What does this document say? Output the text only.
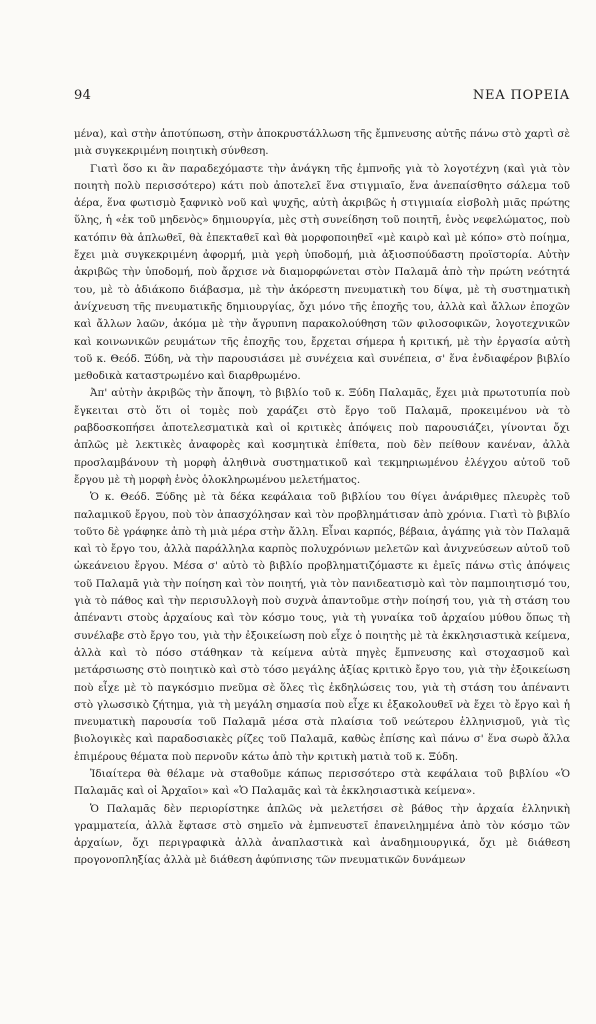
94	ΝΕΑ ΠΟΡΕΙΑ

μένα), καὶ στὴν ἀποτύπωση, στὴν ἀποκρυστάλλωση τῆς ἔμπνευσης αὐτῆς πάνω στὸ χαρτὶ σὲ μιὰ συγκεκριμένη ποιητικὴ σύνθεση.

Γιατὶ ὅσο κι ἂν παραδεχόμαστε τὴν ἀνάγκη τῆς ἐμπνοῆς γιὰ τὸ λογοτέχνη (καὶ γιὰ τὸν ποιητὴ πολὺ περισσότερο) κάτι ποὺ ἀποτελεῖ ἕνα στιγμιαῖο, ἕνα ἀνεπαίσθητο σάλεμα τοῦ ἀέρα, ἕνα φωτισμὸ ξαφνικὸ νοῦ καὶ ψυχῆς, αὐτὴ ἀκριβῶς ἡ στιγμιαία εἰσβολὴ μιᾶς πρώτης ὕλης, ἡ «ἐκ τοῦ μηδενὸς» δημιουργία, μὲς στὴ συνείδηση τοῦ ποιητῆ, ἑνὸς νεφελώματος, ποὺ κατόπιν θὰ ἁπλωθεῖ, θὰ ἐπεκταθεῖ καὶ θὰ μορφοποιηθεῖ «μὲ καιρὸ καὶ μὲ κόπο» στὸ ποίημα, ἔχει μιὰ συγκεκριμένη ἀφορμή, μιὰ γερὴ ὑποδομή, μιὰ ἀξιοσπούδαστη προϊστορία. Αὐτὴν ἀκριβῶς τὴν ὑποδομή, ποὺ ἄρχισε νὰ διαμορφώνεται στὸν Παλαμᾶ ἀπὸ τὴν πρώτη νεότητά του, μὲ τὸ ἀδιάκοπο διάβασμα, μὲ τὴν ἀκόρεστη πνευματικὴ του δίψα, μὲ τὴ συστηματικὴ ἀνίχνευση τῆς πνευματικῆς δημιουργίας, ὄχι μόνο τῆς ἐποχῆς του, ἀλλὰ καὶ ἄλλων ἐποχῶν καὶ ἄλλων λαῶν, ἀκόμα μὲ τὴν ἄγρυπνη παρακολούθηση τῶν φιλοσοφικῶν, λογοτεχνικῶν καὶ κοινωνικῶν ρευμάτων τῆς ἐποχῆς του, ἔρχεται σήμερα ἡ κριτική, μὲ τὴν ἐργασία αὐτὴ τοῦ κ. Θεόδ. Ξύδη, νὰ τὴν παρουσιάσει μὲ συνέχεια καὶ συνέπεια, σ' ἕνα ἐνδιαφέρον βιβλίο μεθοδικὰ καταστρωμένο καὶ διαρθρωμένο.

Ἀπ' αὐτὴν ἀκριβῶς τὴν ἄποψη, τὸ βιβλίο τοῦ κ. Ξύδη Παλαμᾶς, ἔχει μιὰ πρωτοτυπία ποὺ ἔγκειται στὸ ὅτι οἱ τομὲς ποὺ χαράζει στὸ ἔργο τοῦ Παλαμᾶ, προκειμένου νὰ τὸ ραβδοσκοπήσει ἀποτελεσματικὰ καὶ οἱ κριτικὲς ἀπόψεις ποὺ παρουσιάζει, γίνονται ὄχι ἁπλῶς μὲ λεκτικὲς ἀναφορὲς καὶ κοσμητικὰ ἐπίθετα, ποὺ δὲν πείθουν κανέναν, ἀλλὰ προσλαμβάνουν τὴ μορφὴ ἀληθινὰ συστηματικοῦ καὶ τεκμηριωμένου ἐλέγχου αὐτοῦ τοῦ ἔργου μὲ τὴ μορφὴ ἑνὸς ὁλοκληρωμένου μελετήματος.

Ὁ κ. Θεόδ. Ξύδης μὲ τὰ δέκα κεφάλαια τοῦ βιβλίου του θίγει ἀνάριθμες πλευρὲς τοῦ παλαμικοῦ ἔργου, ποὺ τὸν ἀπασχόλησαν καὶ τὸν προβλημάτισαν ἀπὸ χρόνια. Γιατὶ τὸ βιβλίο τοῦτο δὲ γράφηκε ἀπὸ τὴ μιὰ μέρα στὴν ἄλλη. Εἶναι καρπός, βέβαια, ἀγάπης γιὰ τὸν Παλαμᾶ καὶ τὸ ἔργο του, ἀλλὰ παράλληλα καρπὸς πολυχρόνιων μελετῶν καὶ ἀνιχνεύσεων αὐτοῦ τοῦ ὠκεάνειου ἔργου. Μέσα σ' αὐτὸ τὸ βιβλίο προβληματιζόμαστε κι ἐμεῖς πάνω στὶς ἀπόψεις τοῦ Παλαμᾶ γιὰ τὴν ποίηση καὶ τὸν ποιητή, γιὰ τὸν πανιδεατισμὸ καὶ τὸν παμποιητισμό του, γιὰ τὸ πάθος καὶ τὴν περισυλλογὴ ποὺ συχνὰ ἀπαντοῦμε στὴν ποίησή του, γιὰ τὴ στάση του ἀπέναντι στοὺς ἀρχαίους καὶ τὸν κόσμο τους, γιὰ τὴ γυναίκα τοῦ ἀρχαίου μύθου ὅπως τὴ συνέλαβε στὸ ἔργο του, γιὰ τὴν ἐξοικείωση ποὺ εἶχε ὁ ποιητὴς μὲ τὰ ἐκκλησιαστικὰ κείμενα, ἀλλὰ καὶ τὸ πόσο στάθηκαν τὰ κείμενα αὐτὰ πηγὲς ἔμπνευσης καὶ στοχασμοῦ καὶ μετάρσιωσης στὸ ποιητικὸ καὶ στὸ τόσο μεγάλης ἀξίας κριτικὸ ἔργο του, γιὰ τὴν ἐξοικείωση ποὺ εἶχε μὲ τὸ παγκόσμιο πνεῦμα σὲ ὅλες τὶς ἐκδηλώσεις του, γιὰ τὴ στάση του ἀπέναντι στὸ γλωσσικὸ ζήτημα, γιὰ τὴ μεγάλη σημασία ποὺ εἶχε κι ἐξακολουθεῖ νὰ ἔχει τὸ ἔργο καὶ ἡ πνευματικὴ παρουσία τοῦ Παλαμᾶ μέσα στὰ πλαίσια τοῦ νεώτερου ἑλληνισμοῦ, γιὰ τὶς βιολογικὲς καὶ παραδοσιακὲς ρίζες τοῦ Παλαμᾶ, καθὼς ἐπίσης καὶ πάνω σ' ἕνα σωρὸ ἄλλα ἐπιμέρους θέματα ποὺ περνοῦν κάτω ἀπὸ τὴν κριτικὴ ματιὰ τοῦ κ. Ξύδη.

Ἰδιαίτερα θὰ θέλαμε νὰ σταθοῦμε κάπως περισσότερο στὰ κεφάλαια τοῦ βιβλίου «Ὁ Παλαμᾶς καὶ οἱ Ἀρχαῖοι» καὶ «Ὁ Παλαμᾶς καὶ τὰ ἐκκλησιαστικὰ κείμενα».

Ὁ Παλαμᾶς δὲν περιορίστηκε ἁπλῶς νὰ μελετήσει σὲ βάθος τὴν ἀρχαία ἑλληνικὴ γραμματεία, ἀλλὰ ἔφτασε στὸ σημεῖο νὰ ἐμπνευστεῖ ἐπανειλημμένα ἀπὸ τὸν κόσμο τῶν ἀρχαίων, ὄχι περιγραφικὰ ἀλλὰ ἀναπλαστικὰ καὶ ἀναδημιουργικά, ὄχι μὲ διάθεση προγονοπληξίας ἀλλὰ μὲ διάθεση ἀφύπνισης τῶν πνευματικῶν δυνάμεων
